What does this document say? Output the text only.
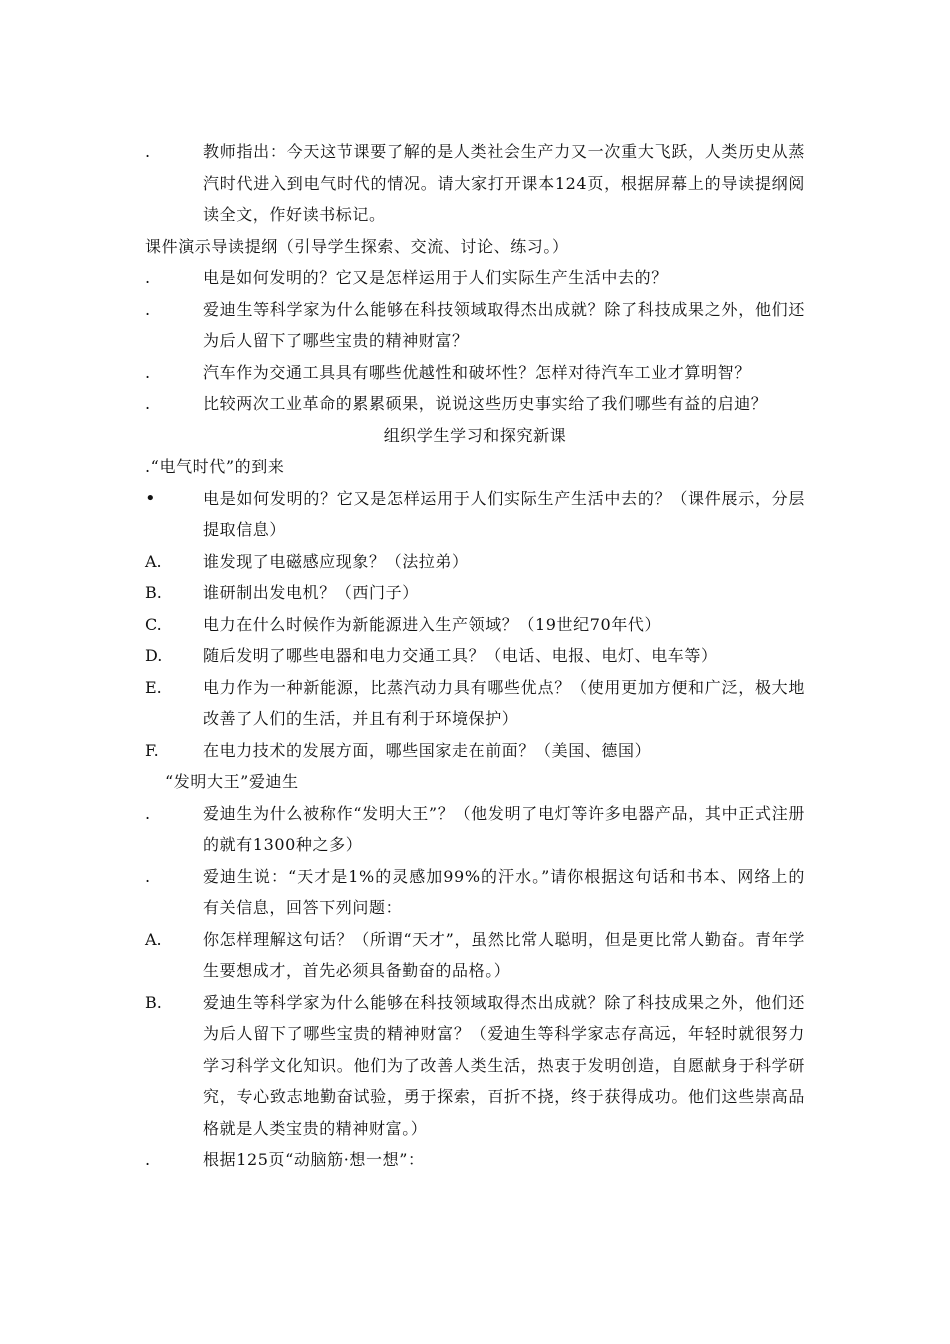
.	教师指出：今天这节课要了解的是人类社会生产力又一次重大飞跃，人类历史从蒸汽时代进入到电气时代的情况。请大家打开课本124页，根据屏幕上的导读提纲阅读全文，作好读书标记。
课件演示导读提纲（引导学生探索、交流、讨论、练习。）
.	电是如何发明的？它又是怎样运用于人们实际生产生活中去的？
.	爱迪生等科学家为什么能够在科技领域取得杰出成就？除了科技成果之外，他们还为后人留下了哪些宝贵的精神财富？
.	汽车作为交通工具具有哪些优越性和破坏性？怎样对待汽车工业才算明智？
.	比较两次工业革命的累累硕果，说说这些历史事实给了我们哪些有益的启迪？
组织学生学习和探究新课
.“电气时代”的到来
•	电是如何发明的？它又是怎样运用于人们实际生产生活中去的？（课件展示，分层提取信息）
A.	谁发现了电磁感应现象？（法拉弟）
B.	谁研制出发电机？（西门子）
C.	电力在什么时候作为新能源进入生产领域？（19世纪70年代）
D.	随后发明了哪些电器和电力交通工具？（电话、电报、电灯、电车等）
E.	电力作为一种新能源，比蒸汽动力具有哪些优点？（使用更加方便和广泛，极大地改善了人们的生活，并且有利于环境保护）
F.	在电力技术的发展方面，哪些国家走在前面？（美国、德国）
“发明大王”爱迪生
.	爱迪生为什么被称作“发明大王”？（他发明了电灯等许多电器产品，其中正式注册的就有1300种之多）
.	爱迪生说：“天才是1%的灵感加99%的汗水。”请你根据这句话和书本、网络上的有关信息，回答下列问题：
A.	你怎样理解这句话？（所谓“天才”，虽然比常人聪明，但是更比常人勤奋。青年学生要想成才，首先必须具备勤奋的品格。）
B.	爱迪生等科学家为什么能够在科技领域取得杰出成就？除了科技成果之外，他们还为后人留下了哪些宝贵的精神财富？（爱迪生等科学家志存高远，年轻时就很努力学习科学文化知识。他们为了改善人类生活，热衷于发明创造，自愿献身于科学研究，专心致志地勤奋试验，勇于探索，百折不挠，终于获得成功。他们这些崇高品格就是人类宝贵的精神财富。）
.	根据125页“动脑筋·想一想”：
